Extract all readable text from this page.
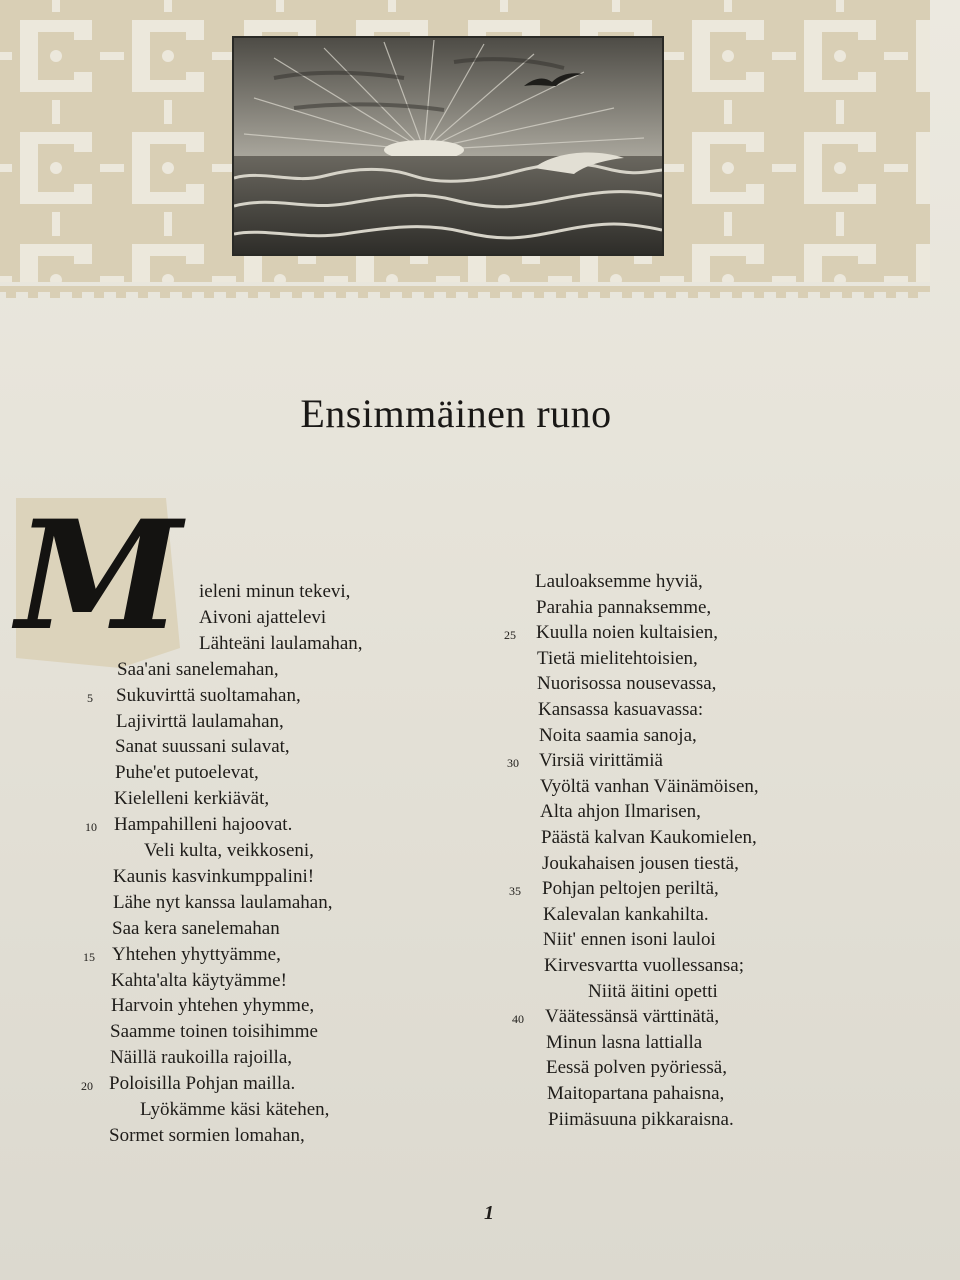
Ensimmäinen runo
M ieleni minun tekevi,
Aivoni ajattelevi
Lähteäni laulamahan,
Saa'ani sanelemahan,
Sukuvirttä suoltamahan,
5
Lajivirttä laulamahan,
Sanat suussani sulavat,
Puhe'et putoelevat,
Kielelleni kerkiävät,
Hampahilleni hajoovat.
10
Veli kulta, veikkoseni,
Kaunis kasvinkumppalini!
Lähe nyt kanssa laulamahan,
Saa kera sanelemahan
Yhtehen yhyttyämme,
15
Kahta'alta käytyämme!
Harvoin yhtehen yhymme,
Saamme toinen toisihimme
Näillä raukoilla rajoilla,
Poloisilla Pohjan mailla.
20
Lyökämme käsi kätehen,
Sormet sormien lomahan,
Lauloaksemme hyviä,
Parahia pannaksemme,
Kuulla noien kultaisien,
25
Tietä mielitehtoisien,
Nuorisossa nousevassa,
Kansassa kasuavassa:
Noita saamia sanoja,
Virsiä virittämiä
30
Vyöltä vanhan Väinämöisen,
Alta ahjon Ilmarisen,
Päästä kalvan Kaukomielen,
Joukahaisen jousen tiestä,
Pohjan peltojen periltä,
35
Kalevalan kankahilta.
Niit' ennen isoni lauloi
Kirvesvartta vuollessansa;
Niitä äitini opetti
Väätessänsä värttinätä,
40
Minun lasna lattialla
Eessä polven pyöriessä,
Maitopartana pahaisna,
Piimäsuuna pikkaraisna.
1
